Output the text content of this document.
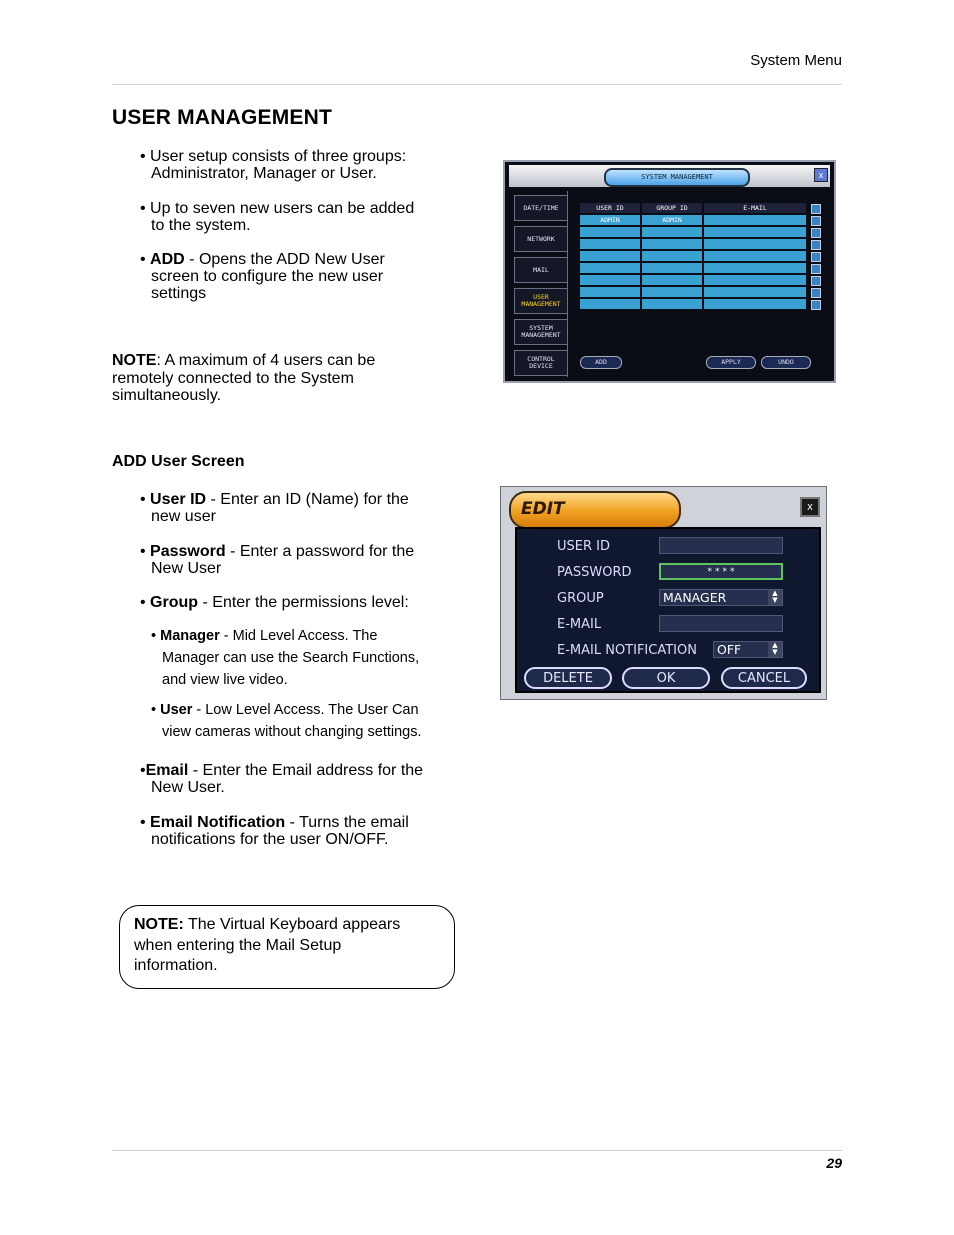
System Menu
USER MANAGEMENT
• User setup consists of three groups:
Administrator, Manager or User.
• Up to seven new users can be added
to the system.
• ADD - Opens the ADD New User
screen to configure the new user
settings
NOTE: A maximum of 4 users can be
remotely connected to the System
simultaneously.
ADD User Screen
• User ID - Enter an ID (Name) for the
new user
• Password - Enter a password for the
New User
• Group - Enter the permissions level:
• Manager - Mid Level Access. The
Manager can use the Search Functions,
and view live video.
• User - Low Level Access. The User Can
view cameras without changing settings.
•Email - Enter the Email address for the
New User.
• Email Notification - Turns the email
notifications for the user ON/OFF.
NOTE: The Virtual Keyboard appears
when entering the Mail Setup
information.
29
SYSTEM MANAGEMENT	x
DATE/TIME
NETWORK
MAIL
USER
MANAGEMENT
SYSTEM
MANAGEMENT
CONTROL
DEVICE
USER ID	GROUP ID	E-MAIL
ADMIN	ADMIN
ADD	APPLY	UNDO
EDIT	x
USER ID
PASSWORD	****
GROUP	MANAGER	▲
▼
E-MAIL
E-MAIL NOTIFICATION	OFF	▲
▼
DELETE	OK	CANCEL
